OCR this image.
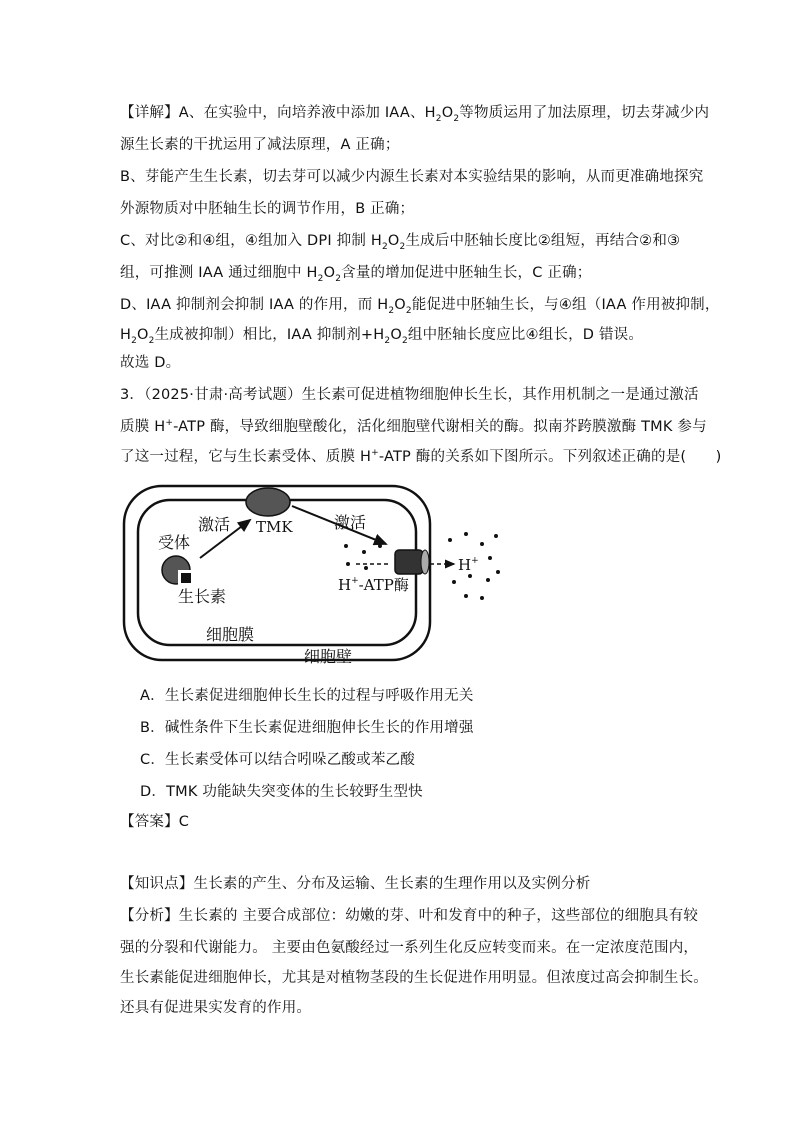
【详解】A、在实验中，向培养液中添加 IAA、$H_2O_2$等物质运用了加法原理，切去芽减少内
源生长素的干扰运用了减法原理，A 正确；
B、芽能产生生长素，切去芽可以减少内源生长素对本实验结果的影响，从而更准确地探究
外源物质对中胚轴生长的调节作用，B 正确；
C、对比②和④组，④组加入 DPI 抑制 $H_2O_2$生成后中胚轴长度比②组短，再结合②和③
组，可推测 IAA 通过细胞中 $H_2O_2$含量的增加促进中胚轴生长，C 正确；
D、IAA 抑制剂会抑制 IAA 的作用，而 $H_2O_2$能促进中胚轴生长，与④组（IAA 作用被抑制，
$H_2O_2$生成被抑制）相比，IAA 抑制剂$+H_2O_2$组中胚轴长度应比④组长，D 错误。
故选 D。
3．（2025·甘肃·高考试题）生长素可促进植物细胞伸长生长，其作用机制之一是通过激活
质膜 H+-ATP 酶，导致细胞壁酸化，活化细胞壁代谢相关的酶。拟南芥跨膜激酶 TMK 参与
了这一过程，它与生长素受体、质膜 H+-ATP 酶的关系如下图所示。下列叙述正确的是(　　)
TMK
受体
生长素
激活	激活
H+
H+-ATP酶
细胞膜
细胞壁
A．生长素促进细胞伸长生长的过程与呼吸作用无关
B．碱性条件下生长素促进细胞伸长生长的作用增强
C．生长素受体可以结合吲哚乙酸或苯乙酸
D．TMK 功能缺失突变体的生长较野生型快
【答案】C
【知识点】生长素的产生、分布及运输、生长素的生理作用以及实例分析
【分析】生长素的 主要合成部位：幼嫩的芽、叶和发育中的种子，这些部位的细胞具有较
强的分裂和代谢能力。 主要由色氨酸经过一系列生化反应转变而来。在一定浓度范围内，
生长素能促进细胞伸长，尤其是对植物茎段的生长促进作用明显。但浓度过高会抑制生长。
还具有促进果实发育的作用。
